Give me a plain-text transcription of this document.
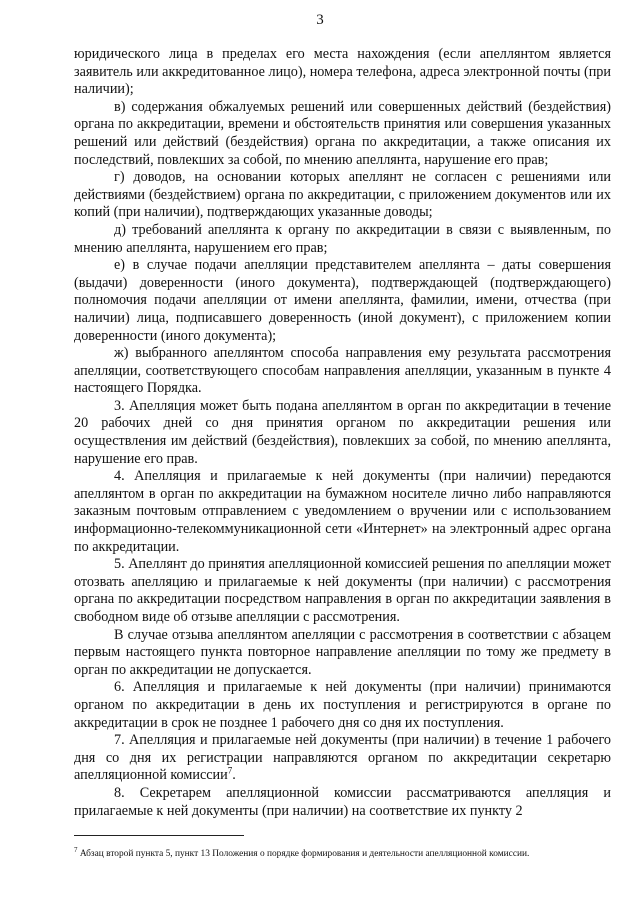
3

юридического лица в пределах его места нахождения (если апеллянтом является заявитель или аккредитованное лицо), номера телефона, адреса электронной почты (при наличии);

в) содержания обжалуемых решений или совершенных действий (бездействия) органа по аккредитации, времени и обстоятельств принятия или совершения указанных решений или действий (бездействия) органа по аккредитации, а также описания их последствий, повлекших за собой, по мнению апеллянта, нарушение его прав;

г) доводов, на основании которых апеллянт не согласен с решениями или действиями (бездействием) органа по аккредитации, с приложением документов или их копий (при наличии), подтверждающих указанные доводы;

д) требований апеллянта к органу по аккредитации в связи с выявленным, по мнению апеллянта, нарушением его прав;

е) в случае подачи апелляции представителем апеллянта – даты совершения (выдачи) доверенности (иного документа), подтверждающей (подтверждающего) полномочия подачи апелляции от имени апеллянта, фамилии, имени, отчества (при наличии) лица, подписавшего доверенность (иной документ), с приложением копии доверенности (иного документа);

ж) выбранного апеллянтом способа направления ему результата рассмотрения апелляции, соответствующего способам направления апелляции, указанным в пункте 4 настоящего Порядка.

3. Апелляция может быть подана апеллянтом в орган по аккредитации в течение 20 рабочих дней со дня принятия органом по аккредитации решения или осуществления им действий (бездействия), повлекших за собой, по мнению апеллянта, нарушение его прав.

4. Апелляция и прилагаемые к ней документы (при наличии) передаются апеллянтом в орган по аккредитации на бумажном носителе лично либо направляются заказным почтовым отправлением с уведомлением о вручении или с использованием информационно-телекоммуникационной сети «Интернет» на электронный адрес органа по аккредитации.

5. Апеллянт до принятия апелляционной комиссией решения по апелляции может отозвать апелляцию и прилагаемые к ней документы (при наличии) с рассмотрения органа по аккредитации посредством направления в орган по аккредитации заявления в свободном виде об отзыве апелляции с рассмотрения.

В случае отзыва апеллянтом апелляции с рассмотрения в соответствии с абзацем первым настоящего пункта повторное направление апелляции по тому же предмету в орган по аккредитации не допускается.

6. Апелляция и прилагаемые к ней документы (при наличии) принимаются органом по аккредитации в день их поступления и регистрируются в органе по аккредитации в срок не позднее 1 рабочего дня со дня их поступления.

7. Апелляция и прилагаемые ней документы (при наличии) в течение 1 рабочего дня со дня их регистрации направляются органом по аккредитации секретарю апелляционной комиссии$^7$.

8. Секретарем апелляционной комиссии рассматриваются апелляция и прилагаемые к ней документы (при наличии) на соответствие их пункту 2

$^7$ Абзац второй пункта 5, пункт 13 Положения о порядке формирования и деятельности апелляционной комиссии.
